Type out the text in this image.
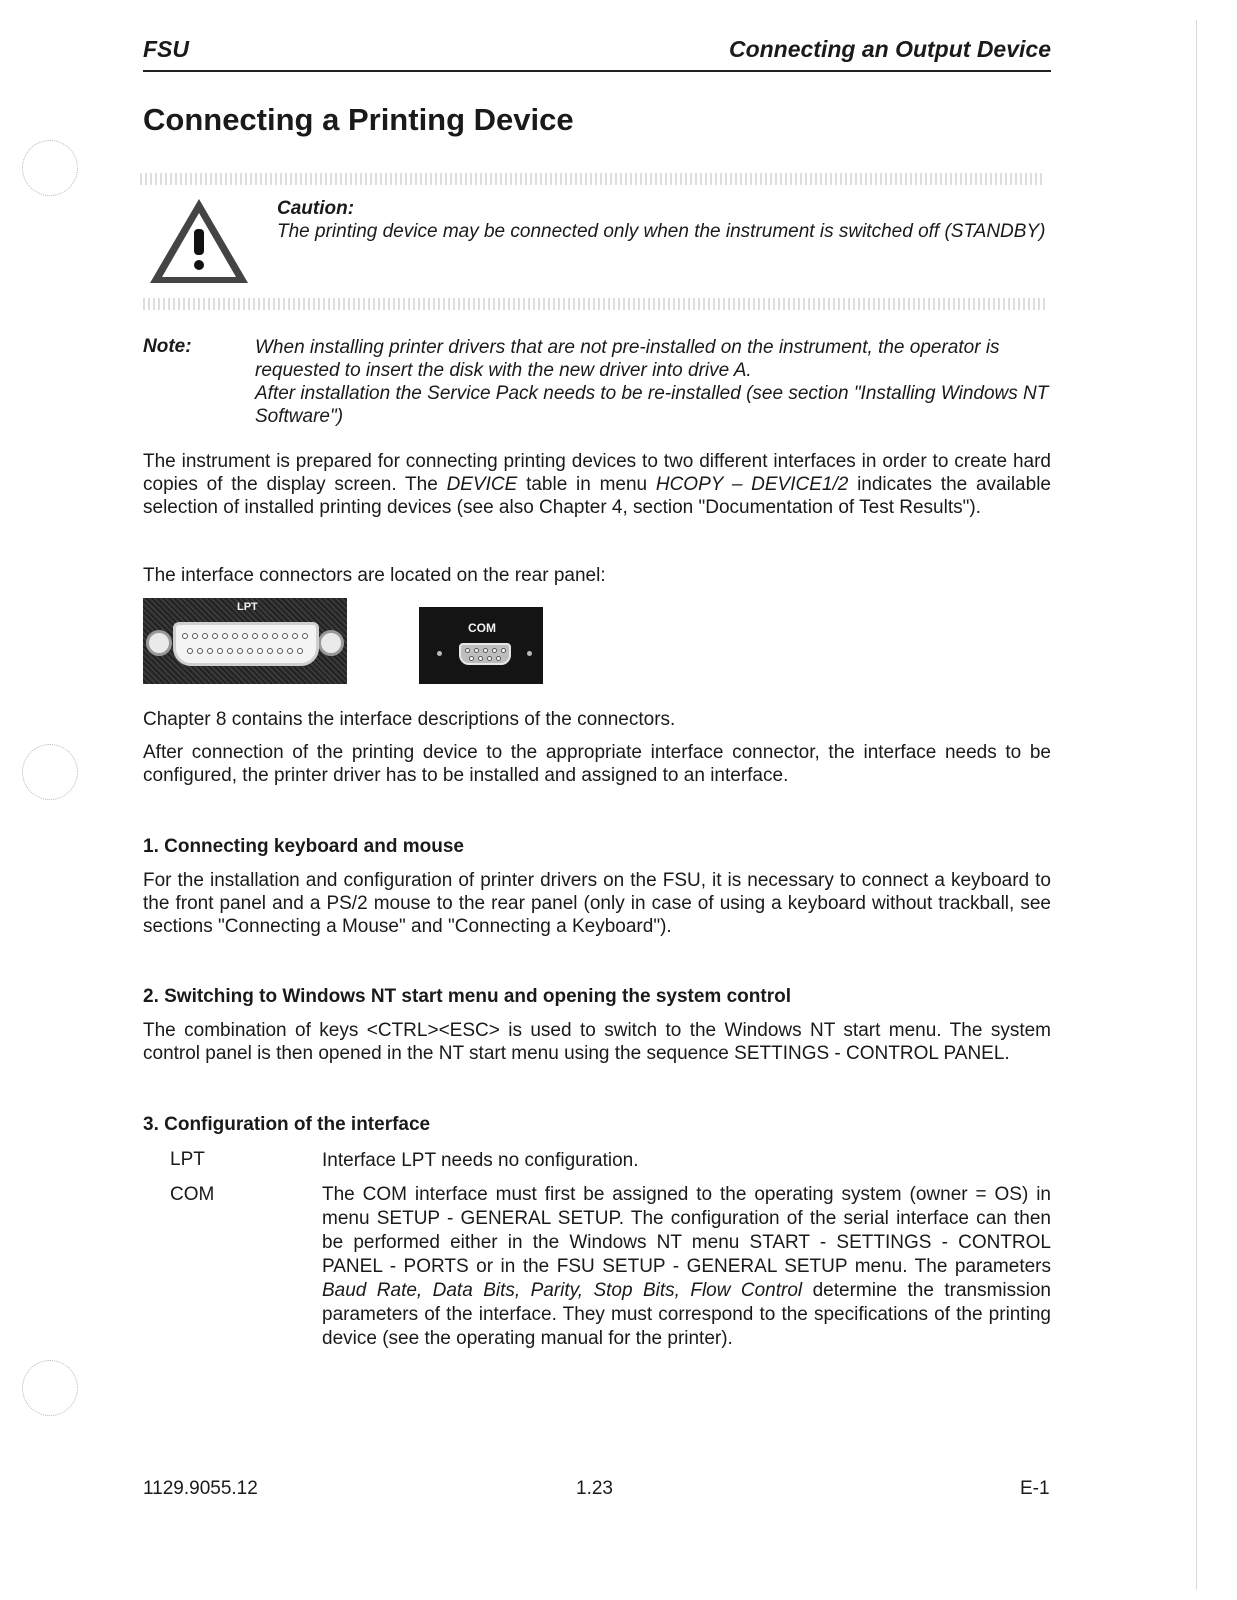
FSU	Connecting an Output Device
Connecting a Printing Device
Caution:
The printing device may be connected only when the instrument is switched off (STANDBY)
Note:	When installing printer drivers that are not pre-installed on the instrument, the operator is requested to insert the disk with the new driver into drive A.
After installation the Service Pack needs to be re-installed (see section "Installing Windows NT Software")
The instrument is prepared for connecting printing devices to two different interfaces in order to create hard copies of the display screen. The DEVICE table in menu HCOPY – DEVICE1/2 indicates the available selection of installed printing devices (see also Chapter 4, section "Documentation of Test Results").
The interface connectors are located on the rear panel:
LPT
COM
Chapter 8 contains the interface descriptions of the connectors.
After connection of the printing device to the appropriate interface connector, the interface needs to be configured, the printer driver has to be installed and assigned to an interface.
1. Connecting keyboard and mouse
For the installation and configuration of printer drivers on the FSU, it is necessary to connect a keyboard to the front panel and a PS/2 mouse to the rear panel (only in case of using a keyboard without trackball, see sections "Connecting a Mouse" and "Connecting a Keyboard").
2. Switching to Windows NT start menu and opening the system control
The combination of keys <CTRL><ESC> is used to switch to the Windows NT start menu. The system control panel is then opened in the NT start menu using the sequence SETTINGS - CONTROL PANEL.
3. Configuration of the interface
LPT	Interface LPT needs no configuration.
COM	The COM interface must first be assigned to the operating system (owner = OS) in menu SETUP - GENERAL SETUP. The configuration of the serial interface can then be performed either in the Windows NT menu START - SETTINGS - CONTROL PANEL - PORTS or in the FSU SETUP - GENERAL SETUP menu. The parameters Baud Rate, Data Bits, Parity, Stop Bits, Flow Control determine the transmission parameters of the interface. They must correspond to the specifications of the printing device (see the operating manual for the printer).
1129.9055.12	1.23	E-1
